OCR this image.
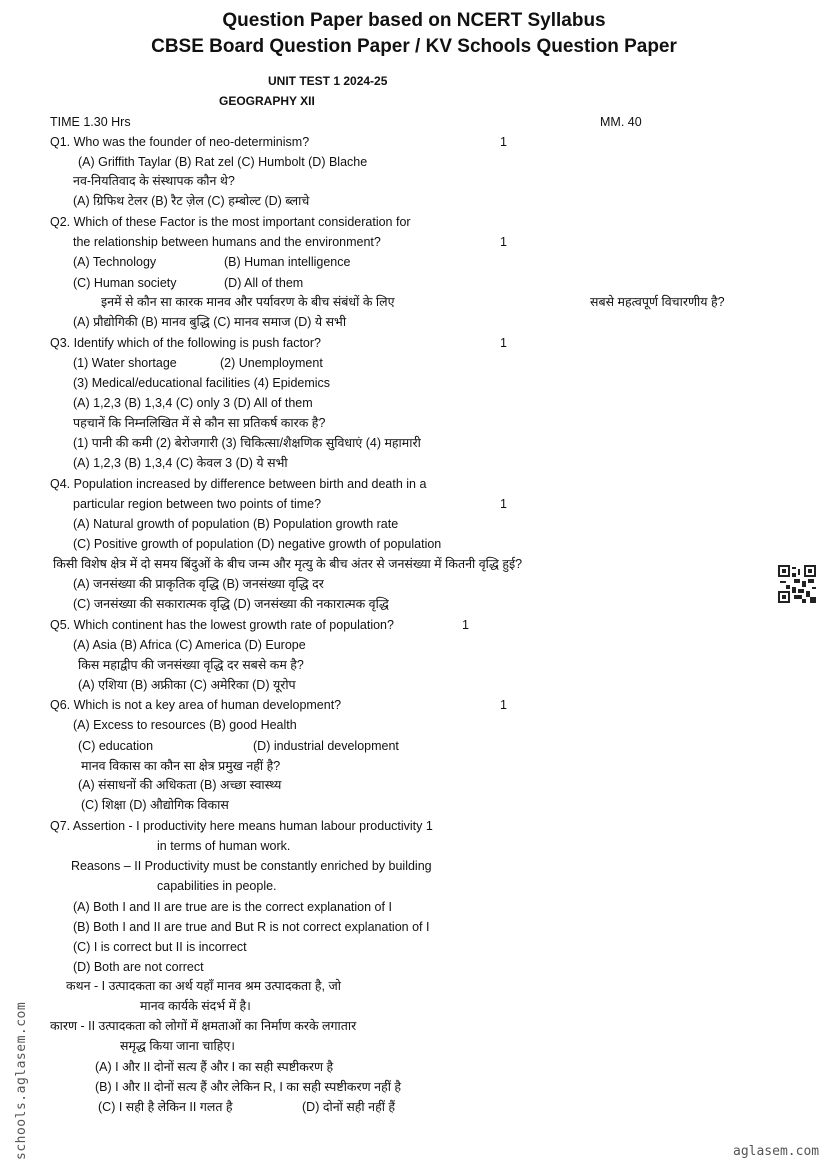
Question Paper based on NCERT Syllabus
CBSE Board Question Paper / KV Schools Question Paper
UNIT TEST 1 2024-25
GEOGRAPHY XII
TIME 1.30 Hrs	MM. 40
Q1. Who was the founder of neo-determinism?	1
(A) Griffith Taylar (B) Rat zel (C) Humbolt (D) Blache
नव-नियतिवाद के संस्थापक कौन थे?
(A) ग्रिफिथ टेलर (B) रैट ज़ेल (C) हम्बोल्ट (D) ब्लाचे
Q2. Which of these Factor is the most important consideration for
the relationship between humans and the environment?	1
(A) Technology	(B) Human intelligence
(C) Human society	(D) All of them
इनमें से कौन सा कारक मानव और पर्यावरण के बीच संबंधों के लिए	सबसे महत्वपूर्ण विचारणीय है?
(A) प्रौद्योगिकी (B) मानव बुद्धि (C) मानव समाज (D) ये सभी
Q3. Identify which of the following is push factor?	1
(1) Water shortage	(2) Unemployment
(3) Medical/educational facilities (4) Epidemics
(A) 1,2,3 (B) 1,3,4 (C) only 3 (D) All of them
पहचानें कि निम्नलिखित में से कौन सा प्रतिकर्ष कारक है?
(1) पानी की कमी (2) बेरोजगारी (3) चिकित्सा/शैक्षणिक सुविधाएं (4) महामारी
(A) 1,2,3 (B) 1,3,4 (C) केवल 3 (D) ये सभी
Q4. Population increased by difference between birth and death in a
particular region between two points of time?	1
(A) Natural growth of population (B) Population growth rate
(C) Positive growth of population (D) negative growth of population
किसी विशेष क्षेत्र में दो समय बिंदुओं के बीच जन्म और मृत्यु के बीच अंतर से जनसंख्या में कितनी वृद्धि हुई?
(A) जनसंख्या की प्राकृतिक वृद्धि (B) जनसंख्या वृद्धि दर
(C) जनसंख्या की सकारात्मक वृद्धि (D) जनसंख्या की नकारात्मक वृद्धि
Q5. Which continent has the lowest growth rate of population?	1
(A) Asia (B) Africa (C) America (D) Europe
किस महाद्वीप की जनसंख्या वृद्धि दर सबसे कम है?
(A) एशिया (B) अफ्रीका (C) अमेरिका (D) यूरोप
Q6. Which is not a key area of human development?	1
(A) Excess to resources (B) good Health
(C) education	(D) industrial development
मानव विकास का कौन सा क्षेत्र प्रमुख नहीं है?
(A) संसाधनों की अधिकता (B) अच्छा स्वास्थ्य
(C) शिक्षा (D) औद्योगिक विकास
Q7. Assertion - I productivity here means human labour productivity 1
in terms of human work.
Reasons – II Productivity must be constantly enriched by building
capabilities in people.
(A) Both I and II are true are is the correct explanation of I
(B) Both I and II are true and But R is not correct explanation of I
(C) I is correct but II is incorrect
(D) Both are not correct
कथन - I उत्पादकता का अर्थ यहाँ मानव श्रम उत्पादकता है, जो
मानव कार्यके संदर्भ में है।
कारण - II उत्पादकता को लोगों में क्षमताओं का निर्माण करके लगातार
समृद्ध किया जाना चाहिए।
(A) I और II दोनों सत्य हैं और I का सही स्पष्टीकरण है
(B) I और II दोनों सत्य हैं और लेकिन R, I का सही स्पष्टीकरण नहीं है
(C) I सही है लेकिन II गलत है	(D) दोनों सही नहीं हैं
schools.aglasem.com	aglasem.com
